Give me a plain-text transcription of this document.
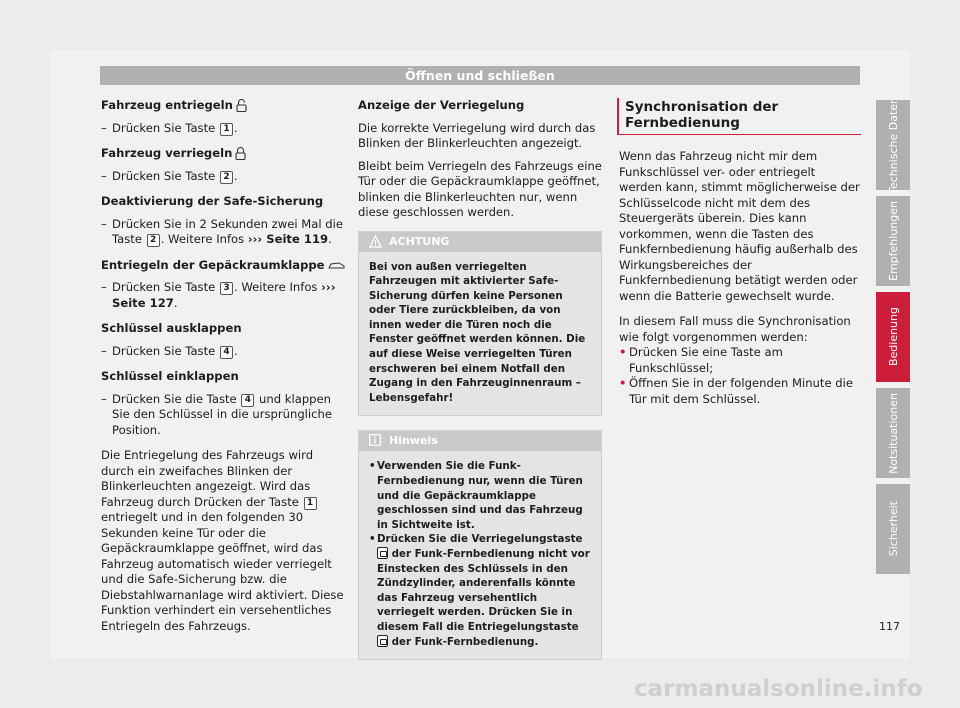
Öffnen und schließen
Fahrzeug entriegeln
– Drücken Sie Taste 1 .
Fahrzeug verriegeln
– Drücken Sie Taste 2 .
Deaktivierung der Safe-Sicherung
– Drücken Sie in 2 Sekunden zwei Mal die Taste 2 . Weitere Infos ››› Seite 119.
Entriegeln der Gepäckraumklappe
– Drücken Sie Taste 3 . Weitere Infos ››› Seite 127.
Schlüssel ausklappen
– Drücken Sie Taste 4 .
Schlüssel einklappen
– Drücken Sie die Taste 4 und klappen Sie den Schlüssel in die ursprüngliche Position.
Die Entriegelung des Fahrzeugs wird durch ein zweifaches Blinken der Blinkerleuchten angezeigt. Wird das Fahrzeug durch Drücken der Taste 1 entriegelt und in den folgenden 30 Sekunden keine Tür oder die Gepäckraumklappe geöffnet, wird das Fahrzeug automatisch wieder verriegelt und die Safe-Sicherung bzw. die Diebstahlwarnanlage wird aktiviert. Diese Funktion verhindert ein versehentliches Entriegeln des Fahrzeugs.
Anzeige der Verriegelung
Die korrekte Verriegelung wird durch das Blinken der Blinkerleuchten angezeigt.
Bleibt beim Verriegeln des Fahrzeugs eine Tür oder die Gepäckraumklappe geöffnet, blinken die Blinkerleuchten nur, wenn diese geschlossen werden.
ACHTUNG
Bei von außen verriegelten Fahrzeugen mit aktivierter Safe-Sicherung dürfen keine Personen oder Tiere zurückbleiben, da von innen weder die Türen noch die Fenster geöffnet werden können. Die auf diese Weise verriegelten Türen erschweren bei einem Notfall den Zugang in den Fahrzeuginnenraum – Lebensgefahr!
Hinweis
• Verwenden Sie die Funk-Fernbedienung nur, wenn die Türen und die Gepäckraumklappe geschlossen sind und das Fahrzeug in Sichtweite ist.
• Drücken Sie die Verriegelungstaste  der Funk-Fernbedienung nicht vor Einstecken des Schlüssels in den Zündzylinder, anderenfalls könnte das Fahrzeug versehentlich verriegelt werden. Drücken Sie in diesem Fall die Entriegelungstaste  der Funk-Fernbedienung.
Synchronisation der Fernbedienung
Wenn das Fahrzeug nicht mir dem Funkschlüssel ver- oder entriegelt werden kann, stimmt möglicherweise der Schlüsselcode nicht mit dem des Steuergeräts überein. Dies kann vorkommen, wenn die Tasten des Funkfernbedienung häufig außerhalb des Wirkungsbereiches der Funkfernbedienung betätigt werden oder wenn die Batterie gewechselt wurde.
In diesem Fall muss die Synchronisation wie folgt vorgenommen werden:
• Drücken Sie eine Taste am Funkschlüssel;
• Öffnen Sie in der folgenden Minute die Tür mit dem Schlüssel.
Technische Daten
Empfehlungen
Bedienung
Notsituationen
Sicherheit
117
carmanualsonline.info
